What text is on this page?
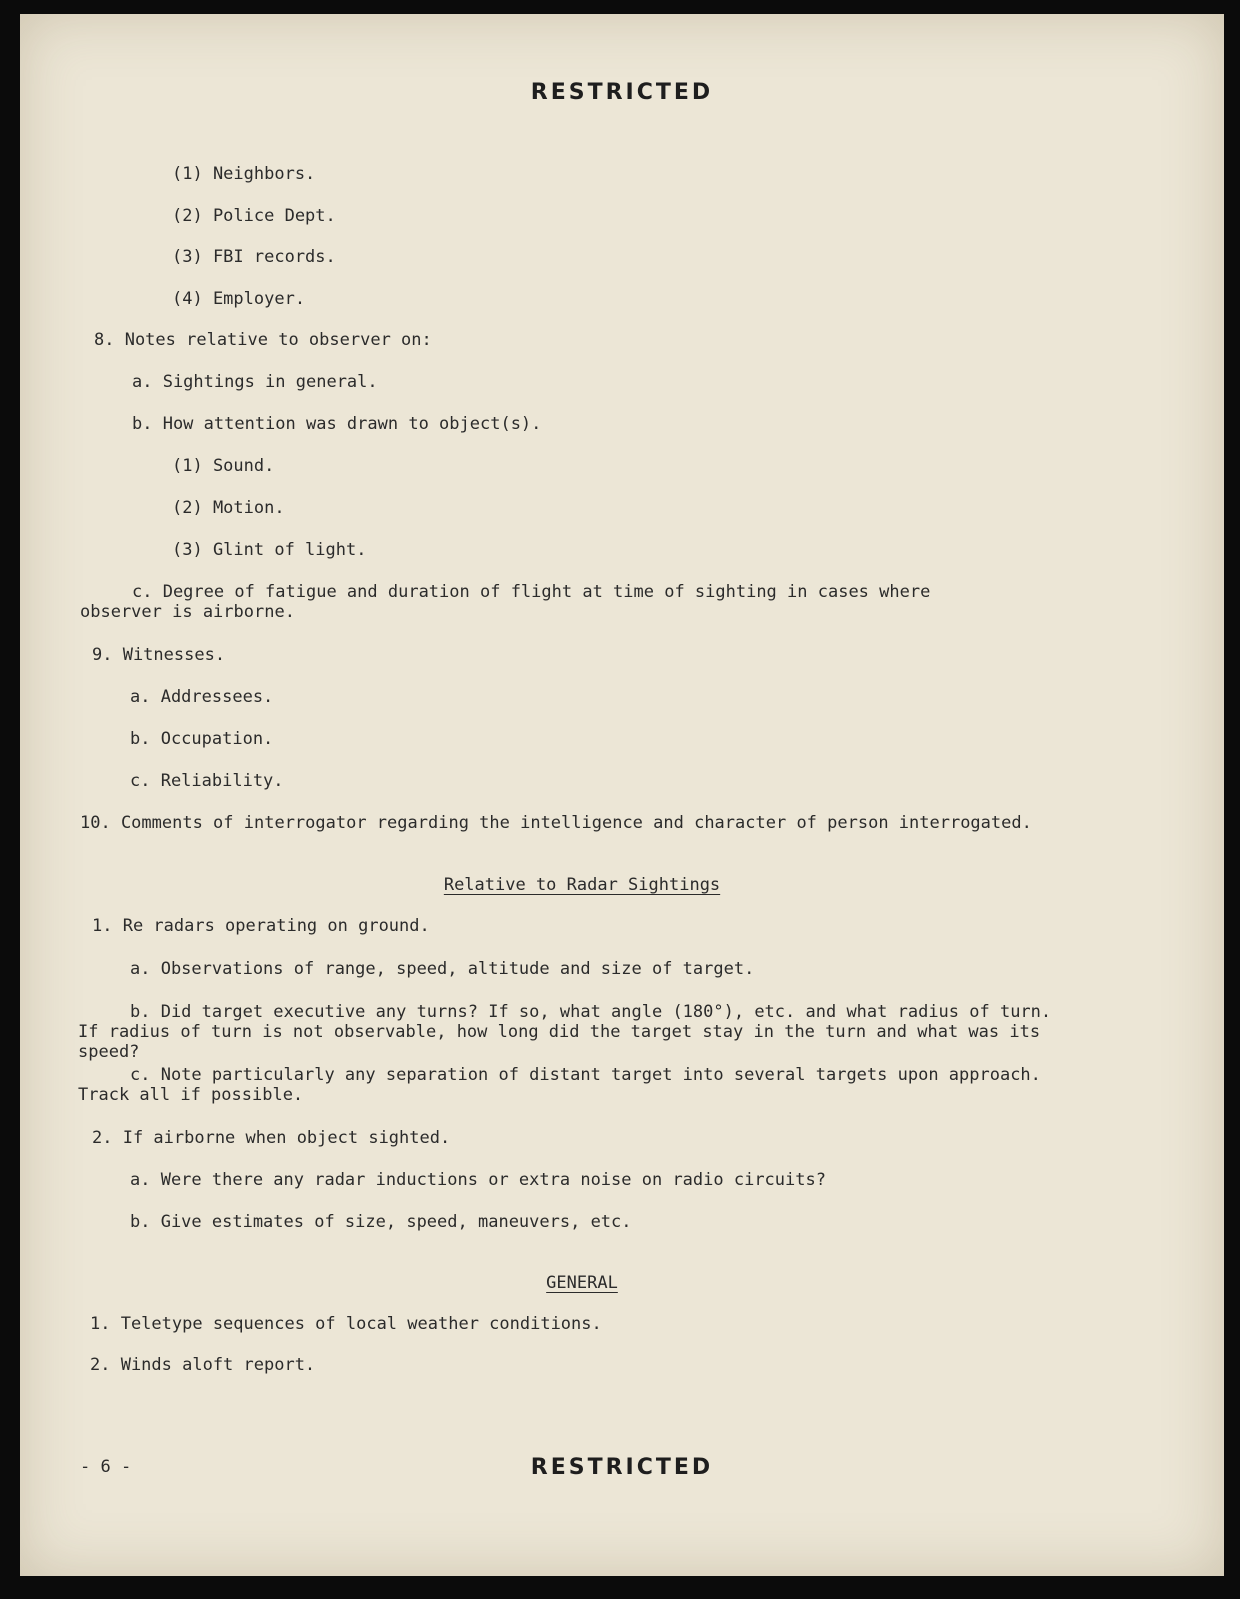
RESTRICTED
(1) Neighbors.
(2) Police Dept.
(3) FBI records.
(4) Employer.
8. Notes relative to observer on:
a. Sightings in general.
b. How attention was drawn to object(s).
(1) Sound.
(2) Motion.
(3) Glint of light.
c. Degree of fatigue and duration of flight at time of sighting in cases where observer is airborne.
9. Witnesses.
a. Addressees.
b. Occupation.
c. Reliability.
10. Comments of interrogator regarding the intelligence and character of person interrogated.
Relative to Radar Sightings
1. Re radars operating on ground.
a. Observations of range, speed, altitude and size of target.
b. Did target executive any turns? If so, what angle (180°), etc. and what radius of turn. If radius of turn is not observable, how long did the target stay in the turn and what was its speed?
c. Note particularly any separation of distant target into several targets upon approach. Track all if possible.
2. If airborne when object sighted.
a. Were there any radar inductions or extra noise on radio circuits?
b. Give estimates of size, speed, maneuvers, etc.
GENERAL
1. Teletype sequences of local weather conditions.
2. Winds aloft report.
- 6 -	RESTRICTED
